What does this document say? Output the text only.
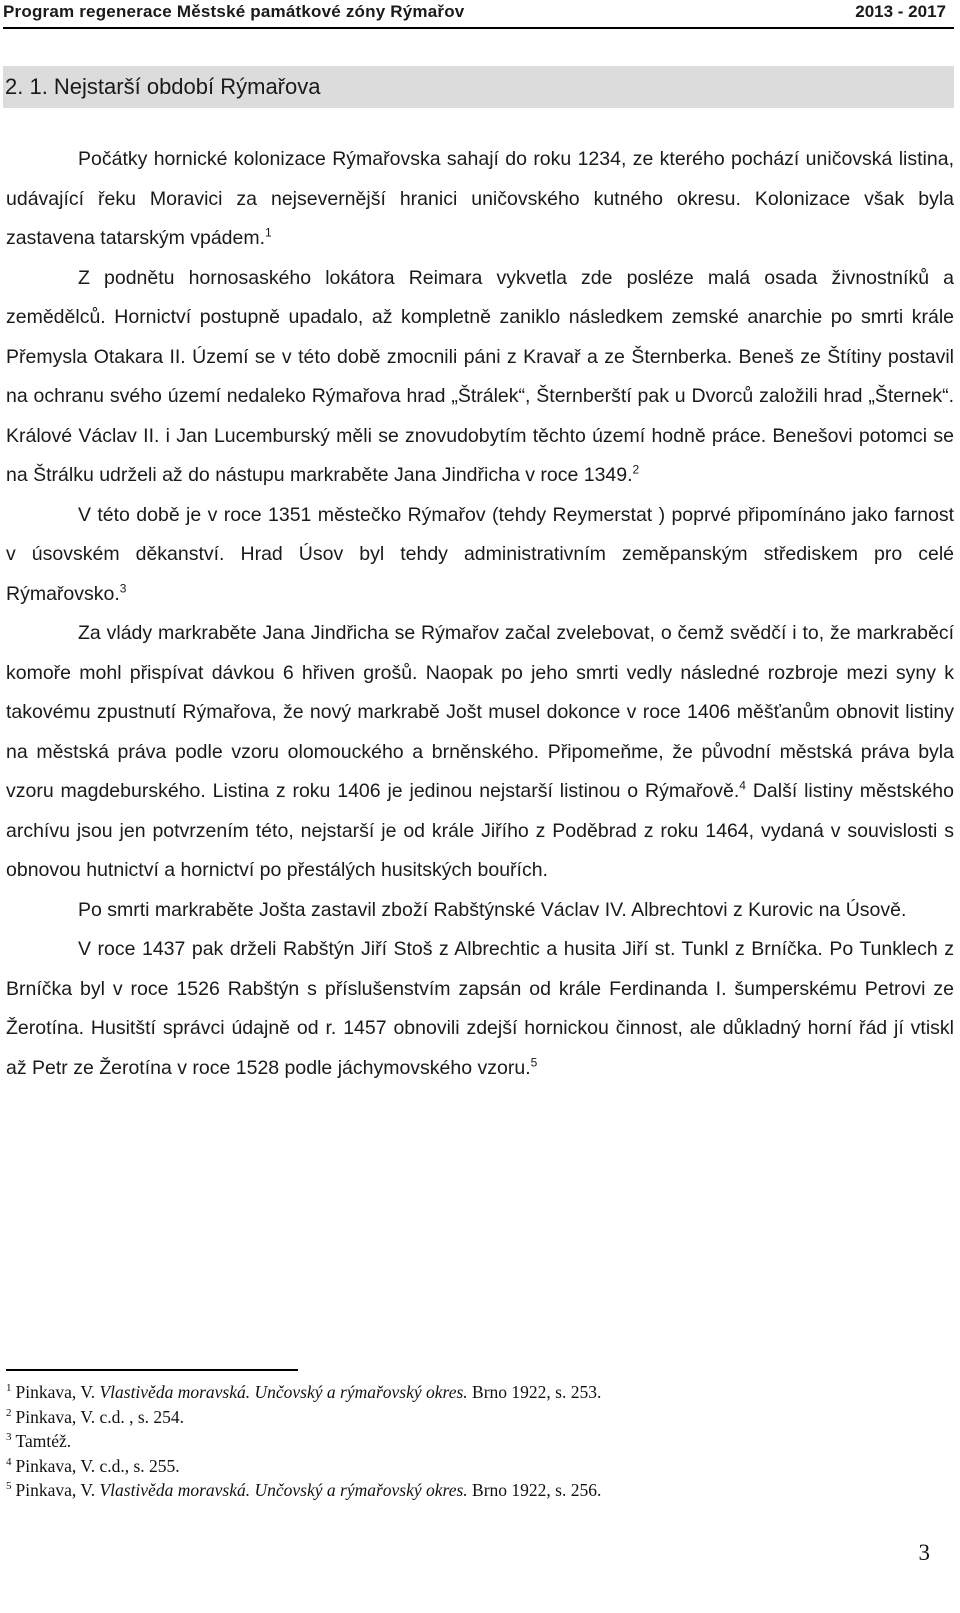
Program regenerace Městské památkové zóny Rýmařov	2013 - 2017
2. 1. Nejstarší období Rýmařova

Počátky hornické kolonizace Rýmařovska sahají do roku 1234, ze kterého pochází uničovská listina, udávající řeku Moravici za nejsevernější hranici uničovského kutného okresu. Kolonizace však byla zastavena tatarským vpádem.$^1$

Z podnětu hornosaského lokátora Reimara vykvetla zde posléze malá osada živnostníků a zemědělců. Hornictví postupně upadalo, až kompletně zaniklo následkem zemské anarchie po smrti krále Přemysla Otakara II. Území se v této době zmocnili páni z Kravař a ze Šternberka. Beneš ze Štítiny postavil na ochranu svého území nedaleko Rýmařova hrad „Štrálek“, Šternberští pak u Dvorců založili hrad „Šternek“. Králové Václav II. i Jan Lucemburský měli se znovudobytím těchto území hodně práce. Benešovi potomci se na Štrálku udrželi až do nástupu markraběte Jana Jindřicha v roce 1349.$^2$

V této době je v roce 1351 městečko Rýmařov (tehdy Reymerstat ) poprvé připomínáno jako farnost v úsovském děkanství. Hrad Úsov byl tehdy administrativním zeměpanským střediskem pro celé Rýmařovsko.$^3$

Za vlády markraběte Jana Jindřicha se Rýmařov začal zvelebovat, o čemž svědčí i to, že markraběcí komoře mohl přispívat dávkou 6 hřiven grošů. Naopak po jeho smrti vedly následné rozbroje mezi syny k takovému zpustnutí Rýmařova, že nový markrabě Jošt musel dokonce v roce 1406 měšťanům obnovit listiny na městská práva podle vzoru olomouckého a brněnského. Připomeňme, že původní městská práva byla vzoru magdeburského. Listina z roku 1406 je jedinou nejstarší listinou o Rýmařově.$^4$ Další listiny městského archívu jsou jen potvrzením této, nejstarší je od krále Jiřího z Poděbrad z roku 1464, vydaná v souvislosti s obnovou hutnictví a hornictví po přestálých husitských bouřích.

Po smrti markraběte Jošta zastavil zboží Rabštýnské Václav IV. Albrechtovi z Kurovic na Úsově.

V roce 1437 pak drželi Rabštýn Jiří Stoš z Albrechtic a husita Jiří st. Tunkl z Brníčka. Po Tunklech z Brníčka byl v roce 1526 Rabštýn s příslušenstvím zapsán od krále Ferdinanda I. šumperskému Petrovi ze Žerotína. Husitští správci údajně od r. 1457 obnovili zdejší hornickou činnost, ale důkladný horní řád jí vtiskl až Petr ze Žerotína v roce 1528 podle jáchymovského vzoru.$^5$

$^1$ Pinkava, V. Vlastivěda moravská. Unčovský a rýmařovský okres. Brno 1922, s. 253.
$^2$ Pinkava, V. c.d. , s. 254.
$^3$ Tamtéž.
$^4$ Pinkava, V. c.d., s. 255.
$^5$ Pinkava, V. Vlastivěda moravská. Unčovský a rýmařovský okres. Brno 1922, s. 256.
3
